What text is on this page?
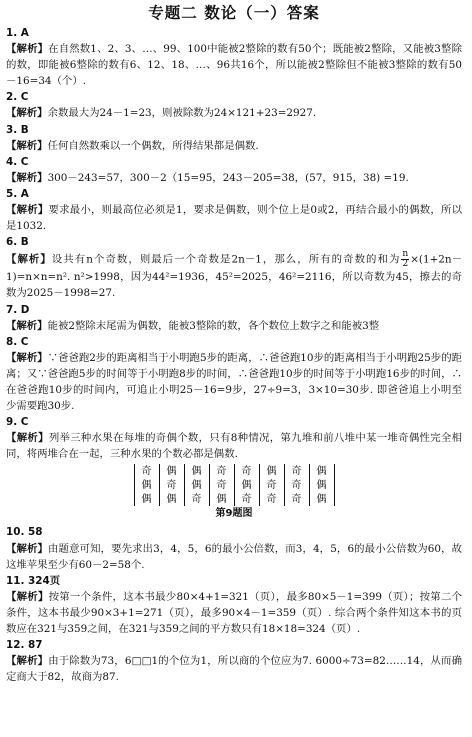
专题二 数论（一）答案
1. A

【解析】在自然数1、2、3、…、99、100中能被2整除的数有50个；既能被2整除，又能被3整除的数，即能被6整除的数有6、12、18、…、96共16个，所以能被2整除但不能被3整除的数有50－16=34（个）.

2. C

【解析】余数最大为24－1=23，则被除数为24×121+23=2927.

3. B

【解析】任何自然数乘以一个偶数，所得结果都是偶数.

4. C

【解析】300－243=57，300－2（15=95，243－205=38，(57，915，38) =19.

5. A

【解析】要求最小，则最高位必须是1，要求是偶数，则个位上是0或2，再结合最小的偶数，所以是1032.

6. B

【解析】设共有n个奇数，则最后一个奇数是2n－1，那么，所有的奇数的和为 $\frac{n}{2} \times(1+2n-1)=n\times n=n^2$. n²>1998，因为44²=1936，45²=2025，46²=2116，所以奇数为45，擦去的奇数为2025－1998=27.

7. D

【解析】能被2整除末尾需为偶数，能被3整除的数，各个数位上数字之和能被3整

8. C

【解析】∵爸爸跑2步的距离相当于小明跑5步的距离，∴爸爸跑10步的距离相当于小明跑25步的距离；又∵爸爸跑5步的时间等于小明跑8步的时间，∴爸爸跑10步的时间等于小明跑16步的时间，∴在爸爸跑10步的时间内，可追止小明25－16=9步，27÷9=3，3×10=30步. 即爸爸追上小明至少需要跑30步.

9. C

【解析】列举三种水果在每堆的奇偶个数，只有8种情况，第九堆和前八堆中某一堆奇偶性完全相同，将两堆合在一起，三种水果的个数必都是偶数.

奇	偶	偶	奇	奇	偶	奇	偶
偶	奇	偶	奇	偶	奇	奇	偶
偶	偶	奇	偶	奇	奇	奇	偶
第9题图
10. 58

【解析】由题意可知，要先求出3，4，5，6的最小公倍数，而3，4，5，6的最小公倍数为60，故这堆苹果至少有60－2=58个.

11. 324页

【解析】按第一个条件，这本书最少80×4+1=321（页），最多80×5－1=399（页）；按第二个条件，这本书最少90×3+1=271（页），最多90×4－1=359（页）. 综合两个条件知这本书的页数应在321与359之间，在321与359之间的平方数只有18×18=324（页）.

12. 87

【解析】由于除数为73，6□□1的个位为1，所以商的个位应为7. 6000÷73=82……14，从而确定商大于82，故商为87.
